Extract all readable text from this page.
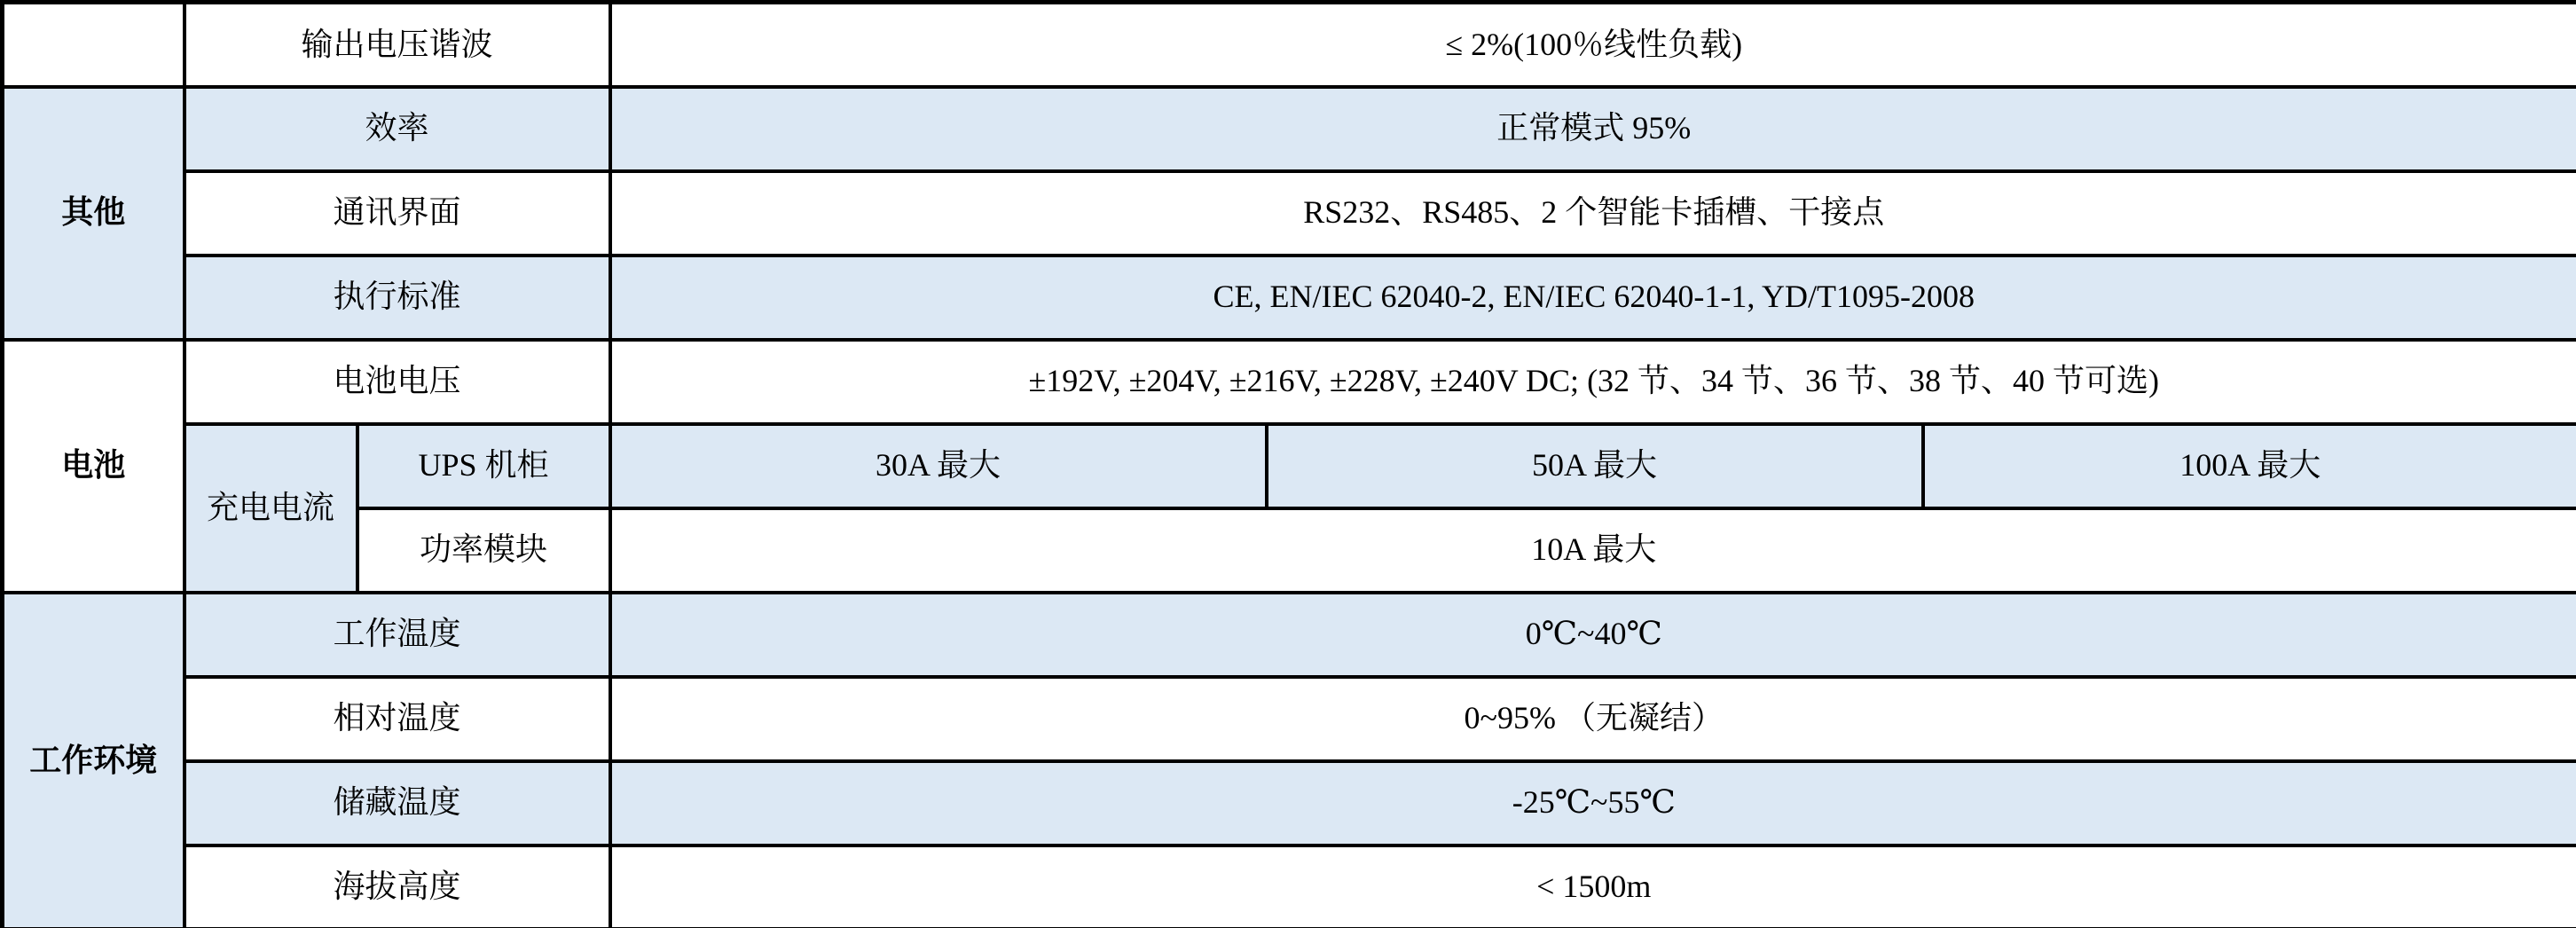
	输出电压谐波		≤ 2%(100％线性负载)		
其他	效率		正常模式 95%		
	通讯界面		RS232、RS485、2 个智能卡插槽、干接点		
	执行标准		CE, EN/IEC 62040-2, EN/IEC 62040-1-1, YD/T1095-2008		
电池	电池电压		±192V, ±204V, ±216V, ±228V, ±240V DC; (32 节、34 节、36 节、38 节、40 节可选)		
	充电电流	UPS 机柜	30A 最大	50A 最大	100A 最大
		功率模块	10A 最大		
工作环境	工作温度		0℃~40℃		
	相对温度		0~95% （无凝结）		
	储藏温度		-25℃~55℃		
	海拔高度		< 1500m		
